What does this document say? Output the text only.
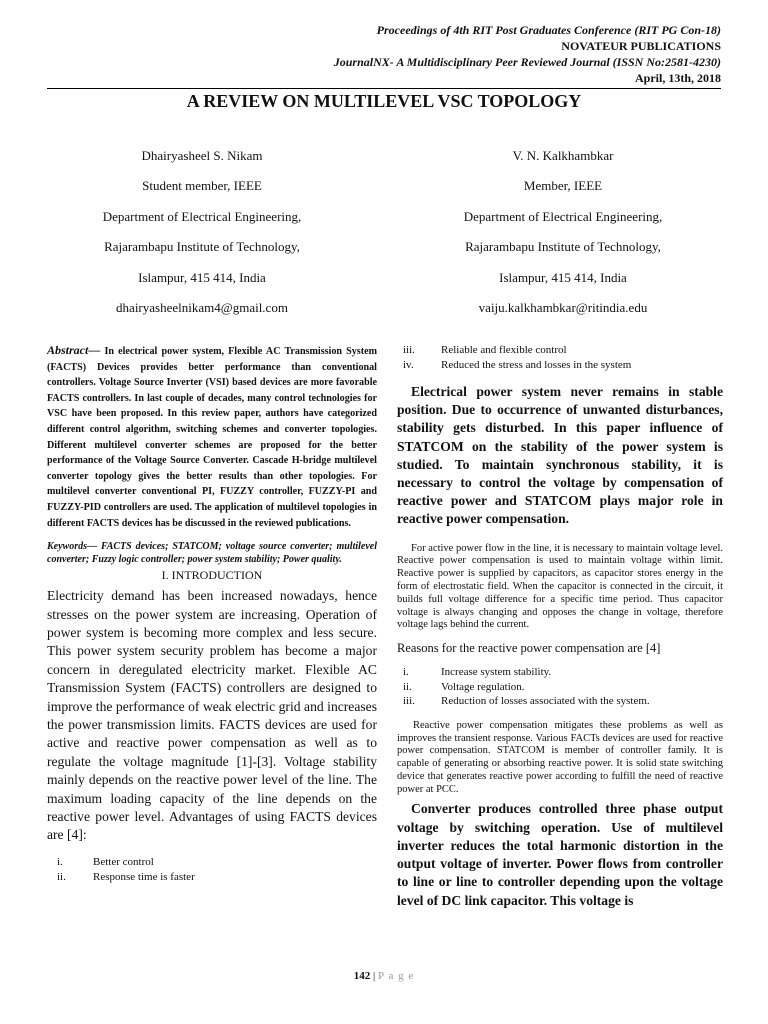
Proceedings of 4th RIT Post Graduates Conference (RIT PG Con-18)
NOVATEUR PUBLICATIONS
JournalNX- A Multidisciplinary Peer Reviewed Journal (ISSN No:2581-4230)
April, 13th, 2018
A REVIEW ON MULTILEVEL VSC TOPOLOGY
Dhairyasheel S. Nikam
Student member, IEEE
Department of Electrical Engineering,
Rajarambapu Institute of Technology,
Islampur, 415 414, India
dhairyasheelnikam4@gmail.com
V. N. Kalkhambkar
Member, IEEE
Department of Electrical Engineering,
Rajarambapu Institute of Technology,
Islampur, 415 414, India
vaiju.kalkhambkar@ritindia.edu
Abstract— In electrical power system, Flexible AC Transmission System (FACTS) Devices provides better performance than conventional controllers. Voltage Source Inverter (VSI) based devices are more favorable FACTS controllers. In last couple of decades, many control technologies for VSC have been proposed. In this review paper, authors have categorized different control algorithm, switching schemes and converter topologies. Different multilevel converter schemes are proposed for the better performance of the Voltage Source Converter. Cascade H-bridge multilevel converter topology gives the better results than other topologies. For multilevel converter conventional PI, FUZZY controller, FUZZY-PI and FUZZY-PID controllers are used. The application of multilevel topologies in different FACTS devices has be discussed in the reviewed publications.
Keywords— FACTS devices; STATCOM; voltage source converter; multilevel converter; Fuzzy logic controller; power system stability; Power quality.
I. INTRODUCTION
Electricity demand has been increased nowadays, hence stresses on the power system are increasing. Operation of power system is becoming more complex and less secure. This power system security problem has become a major concern in deregulated electricity market. Flexible AC Transmission System (FACTS) controllers are designed to improve the performance of weak electric grid and increases the power transmission limits. FACTS devices are used for active and reactive power compensation as well as to regulate the voltage magnitude [1]-[3]. Voltage stability mainly depends on the reactive power level of the line. The maximum loading capacity of the line depends on the reactive power level. Advantages of using FACTS devices are [4]:
i.	Better control
ii.	Response time is faster
iii.	Reliable and flexible control
iv.	Reduced the stress and losses in the system
Electrical power system never remains in stable position. Due to occurrence of unwanted disturbances, stability gets disturbed. In this paper influence of STATCOM on the stability of the power system is studied. To maintain synchronous stability, it is necessary to control the voltage by compensation of reactive power and STATCOM plays major role in reactive power compensation.
For active power flow in the line, it is necessary to maintain voltage level. Reactive power compensation is used to maintain voltage within limit. Reactive power is supplied by capacitors, as capacitor stores energy in the form of electrostatic field. When the capacitor is connected in the circuit, it builds full voltage difference for a specific time period. Thus capacitor voltage is always changing and opposes the change in voltage, therefore voltage lags behind the current.
Reasons for the reactive power compensation are [4]
i.	Increase system stability.
ii.	Voltage regulation.
iii.	Reduction of losses associated with the system.
Reactive power compensation mitigates these problems as well as improves the transient response. Various FACTs devices are used for reactive power compensation. STATCOM is member of controller family. It is capable of generating or absorbing reactive power. It is solid state switching device that generates reactive power according to fulfill the need of reactive power at PCC.
Converter produces controlled three phase output voltage by switching operation. Use of multilevel inverter reduces the total harmonic distortion in the output voltage of inverter. Power flows from controller to line or line to controller depending upon the voltage level of DC link capacitor. This voltage is
142 | P a g e
